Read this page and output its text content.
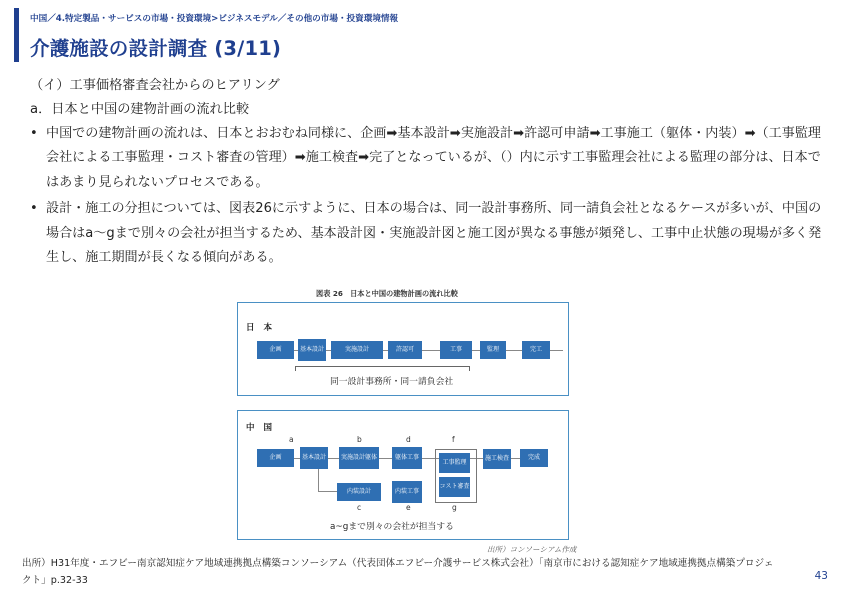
中国／4.特定製品・サービスの市場・投資環境>ビジネスモデル／その他の市場・投資環境情報
介護施設の設計調査 (3/11)
（イ）工事価格審査会社からのヒアリング
a．日本と中国の建物計画の流れ比較
• 中国での建物計画の流れは、日本とおおむね同様に、企画➡基本設計➡実施設計➡許認可申請➡工事施工（躯体・内装）➡（工事監理会社による工事監理・コスト審査の管理）➡施工検査➡完了となっているが、（）内に示す工事監理会社による監理の部分は、日本ではあまり見られないプロセスである。
• 設計・施工の分担については、図表26に示すように、日本の場合は、同一設計事務所、同一請負会社となるケースが多いが、中国の場合はa～gまで別々の会社が担当するため、基本設計図・実施設計図と施工図が異なる事態が頻発し、工事中止状態の現場が多く発生し、施工期間が長くなる傾向がある。
図表 26　日本と中国の建物計画の流れ比較
日 本
企画	基本設計	実施設計	許認可	工事	監理	完工
同一設計事務所・同一請負会社
中 国
a	b	d	f
c	e	g
企画	基本設計	実施設計躯体	躯体工事
工事監理
コスト審査
施工検査	完成
内装設計	内装工事
a~gまで別々の会社が担当する
出所）コンソーシアム作成
出所）H31年度・エフビー南京認知症ケア地域連携拠点構築コンソーシアム（代表団体エフビー介護サービス株式会社）「南京市における認知症ケア地域連携拠点構築プロジェクト」p.32-33	43
